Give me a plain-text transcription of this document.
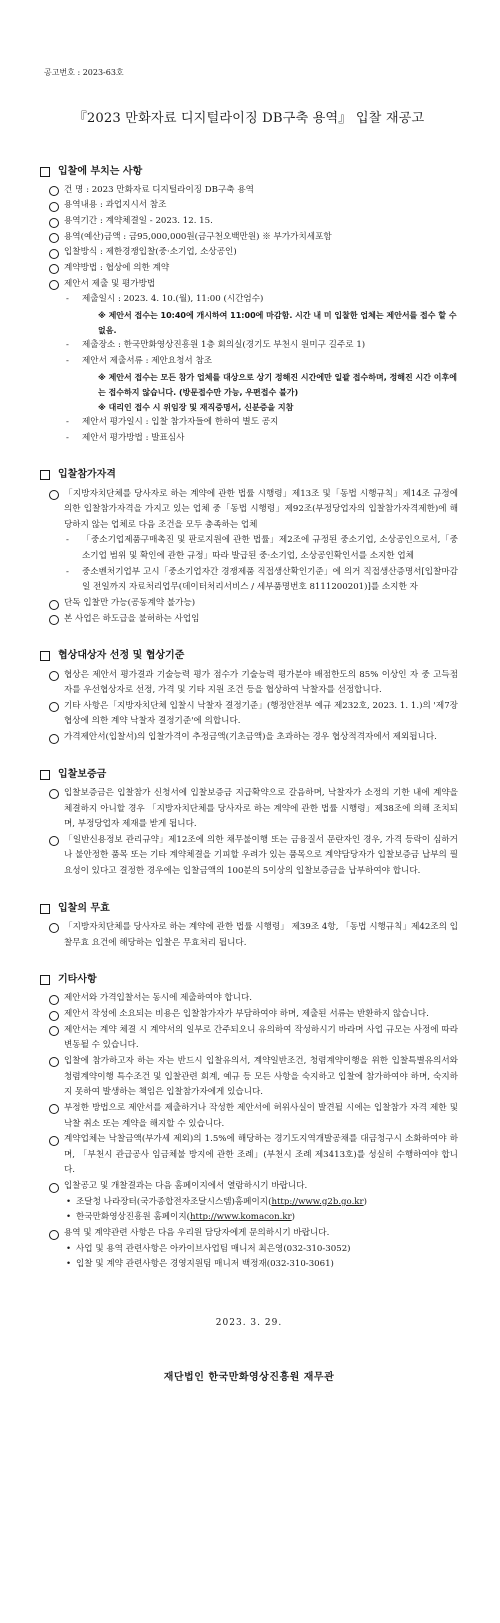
공고번호 : 2023-63호
『2023 만화자료 디지털라이징 DB구축 용역』 입찰 재공고
입찰에 부치는 사항
건 명 : 2023 만화자료 디지털라이징 DB구축 용역
용역내용 : 과업지시서 참조
용역기간 : 계약체결일 - 2023. 12. 15.
용역(예산)금액 : 금95,000,000원(금구천오백만원) ※ 부가가치세포함
입찰방식 : 제한경쟁입찰(중·소기업, 소상공인)
계약방법 : 협상에 의한 계약
제안서 제출 및 평가방법
- 제출일시 : 2023. 4. 10.(월), 11:00 (시간엄수)
※ 제안서 접수는 10:40에 개시하여 11:00에 마감함. 시간 내 미 입찰한 업체는 제안서를 접수 할 수 없음.
- 제출장소 : 한국만화영상진흥원 1층 회의실(경기도 부천시 원미구 길주로 1)
- 제안서 제출서류 : 제안요청서 참조
※ 제안서 접수는 모든 참가 업체를 대상으로 상기 정해진 시간에만 일괄 접수하며, 정해진 시간 이후에는 접수하지 않습니다. (방문접수만 가능, 우편접수 불가)
※ 대리인 접수 시 위임장 및 재직증명서, 신분증을 지참
- 제안서 평가일시 : 입찰 참가자들에 한하여 별도 공지
- 제안서 평가방법 : 발표심사
입찰참가자격
「지방자치단체를 당사자로 하는 계약에 관한 법률 시행령」제13조 및「동법 시행규칙」제14조 규정에 의한 입찰참가자격을 가지고 있는 업체 중「동법 시행령」제92조(부정당업자의 입찰참가자격제한)에 해당하지 않는 업체로 다음 조건을 모두 충족하는 업체
- 「중소기업제품구매촉진 및 판로지원에 관한 법률」제2조에 규정된 중소기업, 소상공인으로서,「중소기업 범위 및 확인에 관한 규정」따라 발급된 중·소기업, 소상공인확인서를 소지한 업체
- 중소벤처기업부 고시「중소기업자간 경쟁제품 직접생산확인기준」에 의거 직접생산증명서[입찰마감일 전일까지 자료처리업무(데이터처리서비스 / 세부품명번호 8111200201)]를 소지한 자
단독 입찰만 가능(공동계약 불가능)
본 사업은 하도급을 불허하는 사업임
협상대상자 선정 및 협상기준
협상은 제안서 평가결과 기술능력 평가 점수가 기술능력 평가분야 배점한도의 85% 이상인 자 중 고득점자를 우선협상자로 선정, 가격 및 기타 지원 조건 등을 협상하여 낙찰자를 선정합니다.
기타 사항은「지방자치단체 입찰시 낙찰자 결정기준」(행정안전부 예규 제232호, 2023. 1. 1.)의 '제7장 협상에 의한 계약 낙찰자 결정기준'에 의합니다.
가격제안서(입찰서)의 입찰가격이 추정금액(기초금액)을 초과하는 경우 협상적격자에서 제외됩니다.
입찰보증금
입찰보증금은 입찰참가 신청서에 입찰보증금 지급확약으로 갈음하며, 낙찰자가 소정의 기한 내에 계약을 체결하지 아니할 경우 「지방자치단체를 당사자로 하는 계약에 관한 법률 시행령」제38조에 의해 조치되며, 부정당업자 제재를 받게 됩니다.
「일반신용정보 관리규약」제12조에 의한 채무불이행 또는 금융질서 문란자인 경우, 가격 등락이 심하거나 불안정한 품목 또는 기타 계약체결을 기피할 우려가 있는 품목으로 계약담당자가 입찰보증금 납부의 필요성이 있다고 결정한 경우에는 입찰금액의 100분의 5이상의 입찰보증금을 납부하여야 합니다.
입찰의 무효
「지방자치단체를 당사자로 하는 계약에 관한 법률 시행령」 제39조 4항, 「동법 시행규칙」제42조의 입찰무효 요건에 해당하는 입찰은 무효처리 됩니다.
기타사항
제안서와 가격입찰서는 동시에 제출하여야 합니다.
제안서 작성에 소요되는 비용은 입찰참가자가 부담하여야 하며, 제출된 서류는 반환하지 않습니다.
제안서는 계약 체결 시 계약서의 일부로 간주되오니 유의하여 작성하시기 바라며 사업 규모는 사정에 따라 변동될 수 있습니다.
입찰에 참가하고자 하는 자는 반드시 입찰유의서, 계약일반조건, 청렴계약이행을 위한 입찰특별유의서와 청렴계약이행 특수조건 및 입찰관련 회계, 예규 등 모든 사항을 숙지하고 입찰에 참가하여야 하며, 숙지하지 못하여 발생하는 책임은 입찰참가자에게 있습니다.
부정한 방법으로 제안서를 제출하거나 작성한 제안서에 허위사실이 발견될 시에는 입찰참가 자격 제한 및 낙찰 취소 또는 계약을 해지할 수 있습니다.
계약업체는 낙찰금액(부가세 제외)의 1.5%에 해당하는 경기도지역개발공채를 대금청구시 소화하여야 하며, 「부천시 관급공사 임금체불 방지에 관한 조례」(부천시 조례 제3413호)를 성실히 수행하여야 합니다.
입찰공고 및 개찰결과는 다음 홈페이지에서 열람하시기 바랍니다.
• 조달청 나라장터(국가종합전자조달시스템)홈페이지(http://www.g2b.go.kr)
• 한국만화영상진흥원 홈페이지(http://www.komacon.kr)
용역 및 계약관련 사항은 다음 우리원 담당자에게 문의하시기 바랍니다.
• 사업 및 용역 관련사항은 아카이브사업팀 매니저 최은영(032-310-3052)
• 입찰 및 계약 관련사항은 경영지원팀 매니저 백정재(032-310-3061)
2023. 3. 29.
재단법인 한국만화영상진흥원 재무관
